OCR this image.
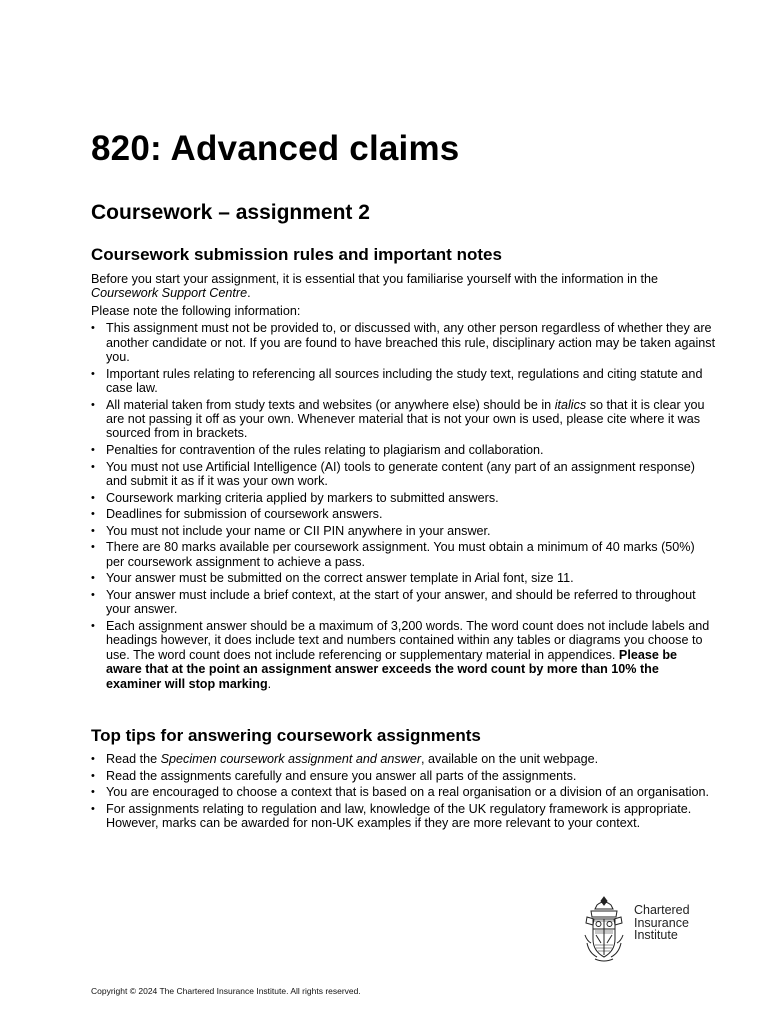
820: Advanced claims
Coursework – assignment 2
Coursework submission rules and important notes

Before you start your assignment, it is essential that you familiarise yourself with the information in the Coursework Support Centre.

Please note the following information:

• This assignment must not be provided to, or discussed with, any other person regardless of whether they are another candidate or not. If you are found to have breached this rule, disciplinary action may be taken against you.
• Important rules relating to referencing all sources including the study text, regulations and citing statute and case law.
• All material taken from study texts and websites (or anywhere else) should be in italics so that it is clear you are not passing it off as your own. Whenever material that is not your own is used, please cite where it was sourced from in brackets.
• Penalties for contravention of the rules relating to plagiarism and collaboration.
• You must not use Artificial Intelligence (AI) tools to generate content (any part of an assignment response) and submit it as if it was your own work.
• Coursework marking criteria applied by markers to submitted answers.
• Deadlines for submission of coursework answers.
• You must not include your name or CII PIN anywhere in your answer.
• There are 80 marks available per coursework assignment. You must obtain a minimum of 40 marks (50%) per coursework assignment to achieve a pass.
• Your answer must be submitted on the correct answer template in Arial font, size 11.
• Your answer must include a brief context, at the start of your answer, and should be referred to throughout your answer.
• Each assignment answer should be a maximum of 3,200 words. The word count does not include labels and headings however, it does include text and numbers contained within any tables or diagrams you choose to use. The word count does not include referencing or supplementary material in appendices. Please be aware that at the point an assignment answer exceeds the word count by more than 10% the examiner will stop marking.
Top tips for answering coursework assignments
• Read the Specimen coursework assignment and answer, available on the unit webpage.
• Read the assignments carefully and ensure you answer all parts of the assignments.
• You are encouraged to choose a context that is based on a real organisation or a division of an organisation.
• For assignments relating to regulation and law, knowledge of the UK regulatory framework is appropriate. However, marks can be awarded for non-UK examples if they are more relevant to your context.
Chartered
Insurance
Institute
Copyright © 2024 The Chartered Insurance Institute. All rights reserved.
